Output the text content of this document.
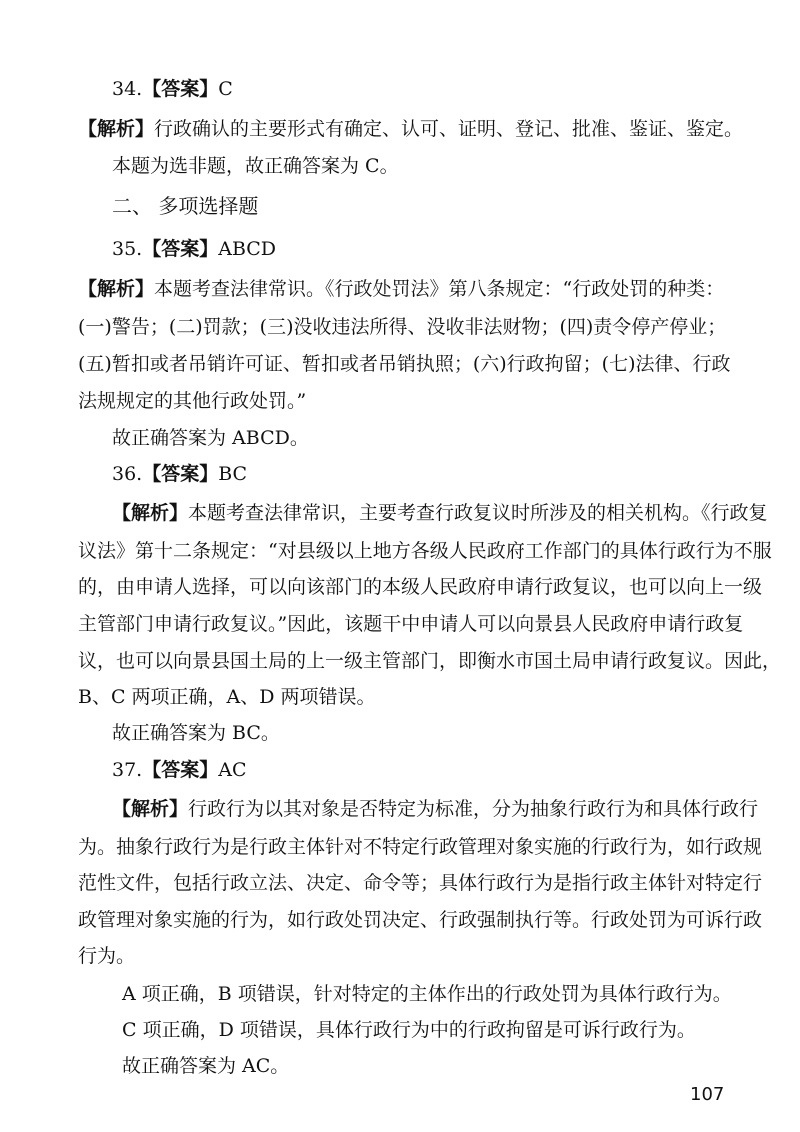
34.【答案】C
【解析】行政确认的主要形式有确定、认可、证明、登记、批准、鉴证、鉴定。
本题为选非题，故正确答案为 C。
二、 多项选择题
35.【答案】ABCD
【解析】本题考查法律常识。《行政处罚法》第八条规定：“行政处罚的种类：
(一)警告；(二)罚款；(三)没收违法所得、没收非法财物；(四)责令停产停业；
(五)暂扣或者吊销许可证、暂扣或者吊销执照；(六)行政拘留；(七)法律、行政
法规规定的其他行政处罚。”
故正确答案为 ABCD。
36.【答案】BC
【解析】本题考查法律常识，主要考查行政复议时所涉及的相关机构。《行政复
议法》第十二条规定：“对县级以上地方各级人民政府工作部门的具体行政行为不服
的，由申请人选择，可以向该部门的本级人民政府申请行政复议，也可以向上一级
主管部门申请行政复议。”因此，该题干中申请人可以向景县人民政府申请行政复
议，也可以向景县国土局的上一级主管部门，即衡水市国土局申请行政复议。因此，
B、C 两项正确，A、D 两项错误。
故正确答案为 BC。
37.【答案】AC
【解析】行政行为以其对象是否特定为标准，分为抽象行政行为和具体行政行
为。抽象行政行为是行政主体针对不特定行政管理对象实施的行政行为，如行政规
范性文件，包括行政立法、决定、命令等；具体行政行为是指行政主体针对特定行
政管理对象实施的行为，如行政处罚决定、行政强制执行等。行政处罚为可诉行政
行为。
A 项正确，B 项错误，针对特定的主体作出的行政处罚为具体行政行为。
C 项正确，D 项错误，具体行政行为中的行政拘留是可诉行政行为。
故正确答案为 AC。
107
